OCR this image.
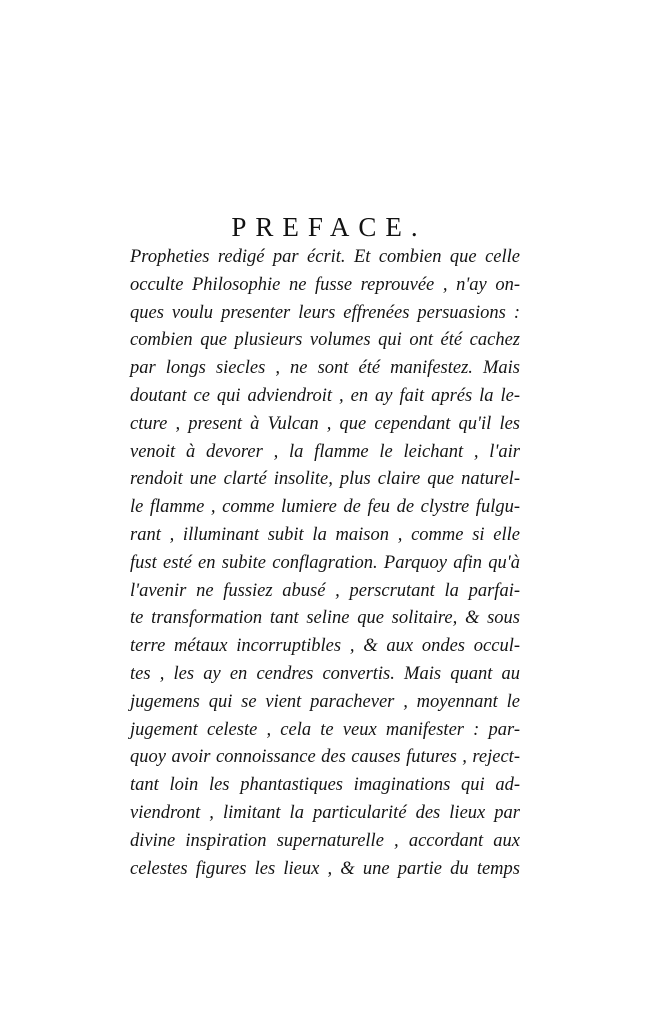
PREFACE.
Propheties redigé par écrit. Et combien que celle
occulte Philosophie ne fusse reprouvée , n'ay on-
ques voulu presenter leurs effrenées persuasions :
combien que plusieurs volumes qui ont été cachez
par longs siecles , ne sont été manifestez. Mais
doutant ce qui adviendroit , en ay fait aprés la le-
cture , present à Vulcan , que cependant qu'il les
venoit à devorer , la flamme le leichant , l'air
rendoit une clarté insolite, plus claire que naturel-
le flamme , comme lumiere de feu de clystre fulgu-
rant , illuminant subit la maison , comme si elle
fust esté en subite conflagration. Parquoy afin qu'à
l'avenir ne fussiez abusé , perscrutant la parfai-
te transformation tant seline que solitaire, & sous
terre métaux incorruptibles , & aux ondes occul-
tes , les ay en cendres convertis. Mais quant au
jugemens qui se vient parachever , moyennant le
jugement celeste , cela te veux manifester : par-
quoy avoir connoissance des causes futures , reject-
tant loin les phantastiques imaginations qui ad-
viendront , limitant la particularité des lieux par
divine inspiration supernaturelle , accordant aux
celestes figures les lieux , & une partie du temps
